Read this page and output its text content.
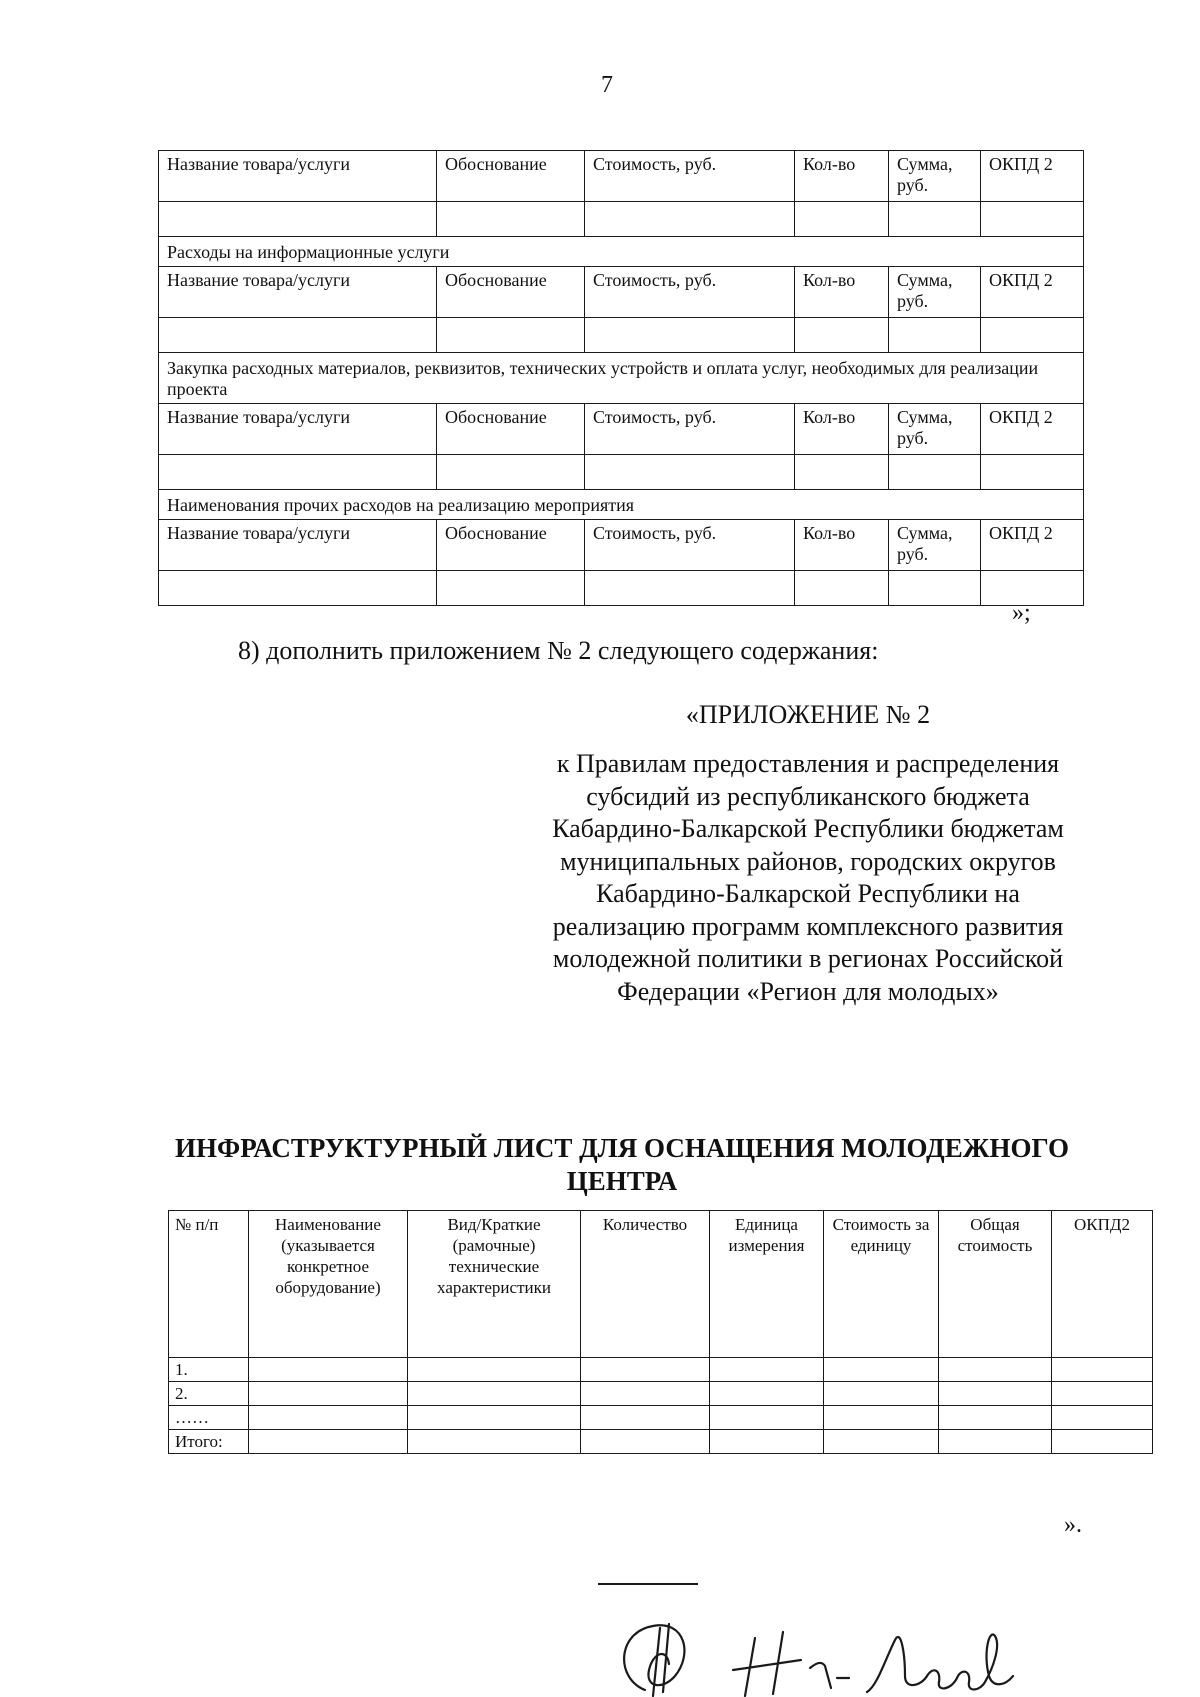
7
Название товара/услуги	Обоснование	Стоимость, руб.	Кол-во	Сумма, руб.	ОКПД 2

Расходы на информационные услуги					
Название товара/услуги	Обоснование	Стоимость, руб.	Кол-во	Сумма, руб.	ОКПД 2

Закупка расходных материалов, реквизитов, технических устройств и оплата услуг, необходимых для реализации проекта					
Название товара/услуги	Обоснование	Стоимость, руб.	Кол-во	Сумма, руб.	ОКПД 2

Наименования прочих расходов на реализацию мероприятия					
Название товара/услуги	Обоснование	Стоимость, руб.	Кол-во	Сумма, руб.	ОКПД 2

»;
8) дополнить приложением № 2 следующего содержания:
«ПРИЛОЖЕНИЕ № 2
к Правилам предоставления и распределения субсидий из республиканского бюджета Кабардино-Балкарской Республики бюджетам муниципальных районов, городских округов Кабардино-Балкарской Республики на реализацию программ комплексного развития молодежной политики в регионах Российской Федерации «Регион для молодых»
ИНФРАСТРУКТУРНЫЙ ЛИСТ ДЛЯ ОСНАЩЕНИЯ МОЛОДЕЖНОГО ЦЕНТРА
№ п/п	Наименование (указывается конкретное оборудование)	Вид/Краткие (рамочные) технические характеристики	Количество	Единица измерения	Стоимость за единицу	Общая стоимость	ОКПД2
1.							
2.							
……							
Итого:							
».
